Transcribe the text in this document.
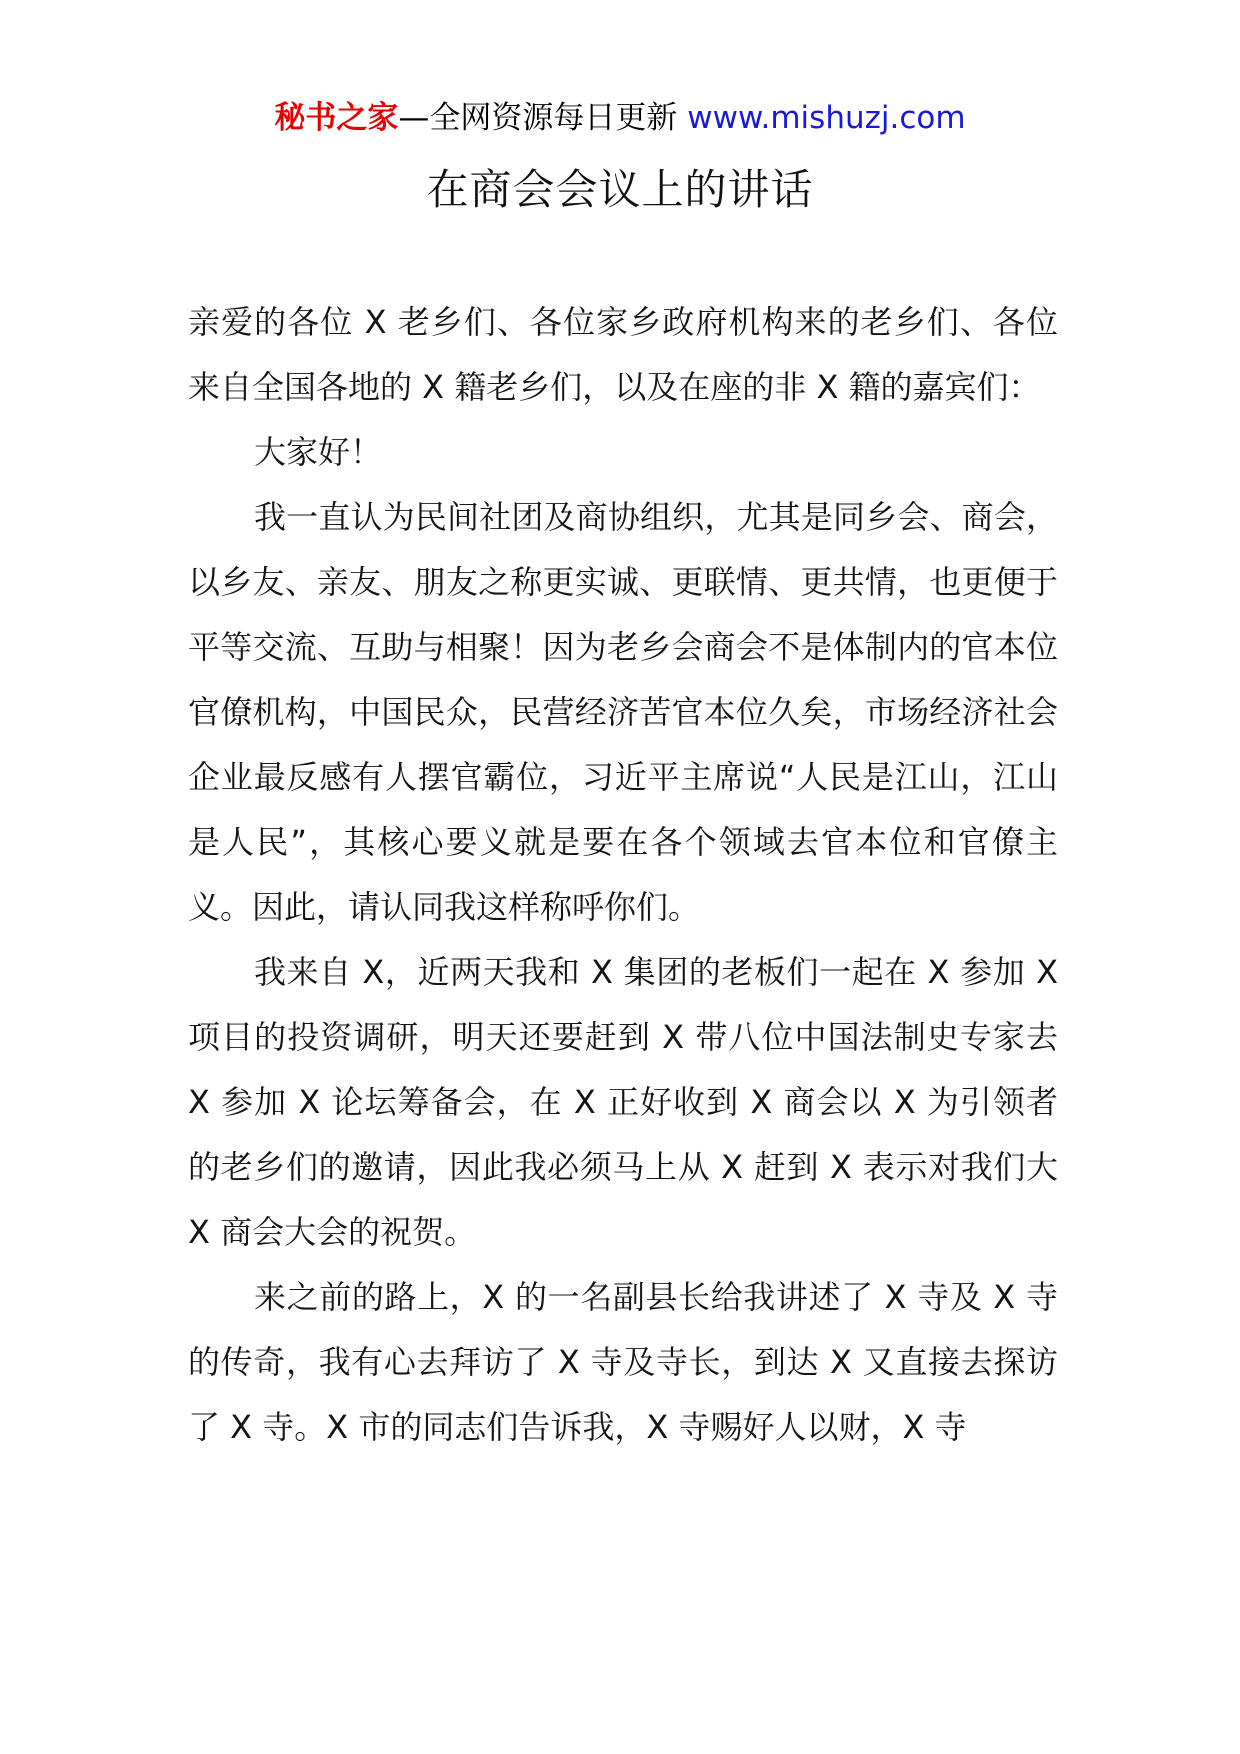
秘书之家—全网资源每日更新 www.mishuzj.com
在商会会议上的讲话

亲爱的各位 X 老乡们、各位家乡政府机构来的老乡们、各位来自全国各地的 X 籍老乡们，以及在座的非 X 籍的嘉宾们：

大家好！

我一直认为民间社团及商协组织，尤其是同乡会、商会，以乡友、亲友、朋友之称更实诚、更联情、更共情，也更便于平等交流、互助与相聚！因为老乡会商会不是体制内的官本位官僚机构，中国民众，民营经济苦官本位久矣，市场经济社会企业最反感有人摆官霸位，习近平主席说“人民是江山，江山是人民”，其核心要义就是要在各个领域去官本位和官僚主义。因此，请认同我这样称呼你们。

我来自 X，近两天我和 X 集团的老板们一起在 X 参加 X 项目的投资调研，明天还要赶到 X 带八位中国法制史专家去 X 参加 X 论坛筹备会，在 X 正好收到 X 商会以 X 为引领者的老乡们的邀请，因此我必须马上从 X 赶到 X 表示对我们大 X 商会大会的祝贺。

来之前的路上，X 的一名副县长给我讲述了 X 寺及 X 寺的传奇，我有心去拜访了 X 寺及寺长，到达 X 又直接去探访了 X 寺。X 市的同志们告诉我，X 寺赐好人以财，X 寺
